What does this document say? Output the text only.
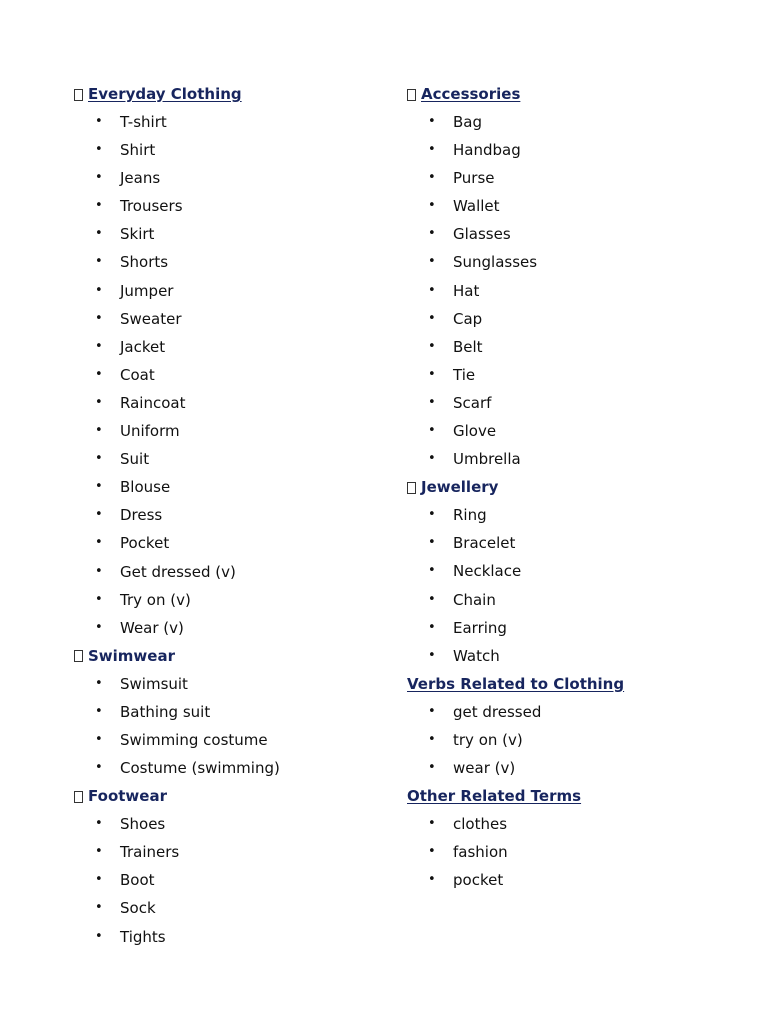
Everyday Clothing
• T-shirt
• Shirt
• Jeans
• Trousers
• Skirt
• Shorts
• Jumper
• Sweater
• Jacket
• Coat
• Raincoat
• Uniform
• Suit
• Blouse
• Dress
• Pocket
• Get dressed (v)
• Try on (v)
• Wear (v)
Swimwear
• Swimsuit
• Bathing suit
• Swimming costume
• Costume (swimming)
Footwear
• Shoes
• Trainers
• Boot
• Sock
• Tights
Accessories
• Bag
• Handbag
• Purse
• Wallet
• Glasses
• Sunglasses
• Hat
• Cap
• Belt
• Tie
• Scarf
• Glove
• Umbrella
Jewellery
• Ring
• Bracelet
• Necklace
• Chain
• Earring
• Watch
Verbs Related to Clothing
• get dressed
• try on (v)
• wear (v)
Other Related Terms
• clothes
• fashion
• pocket
